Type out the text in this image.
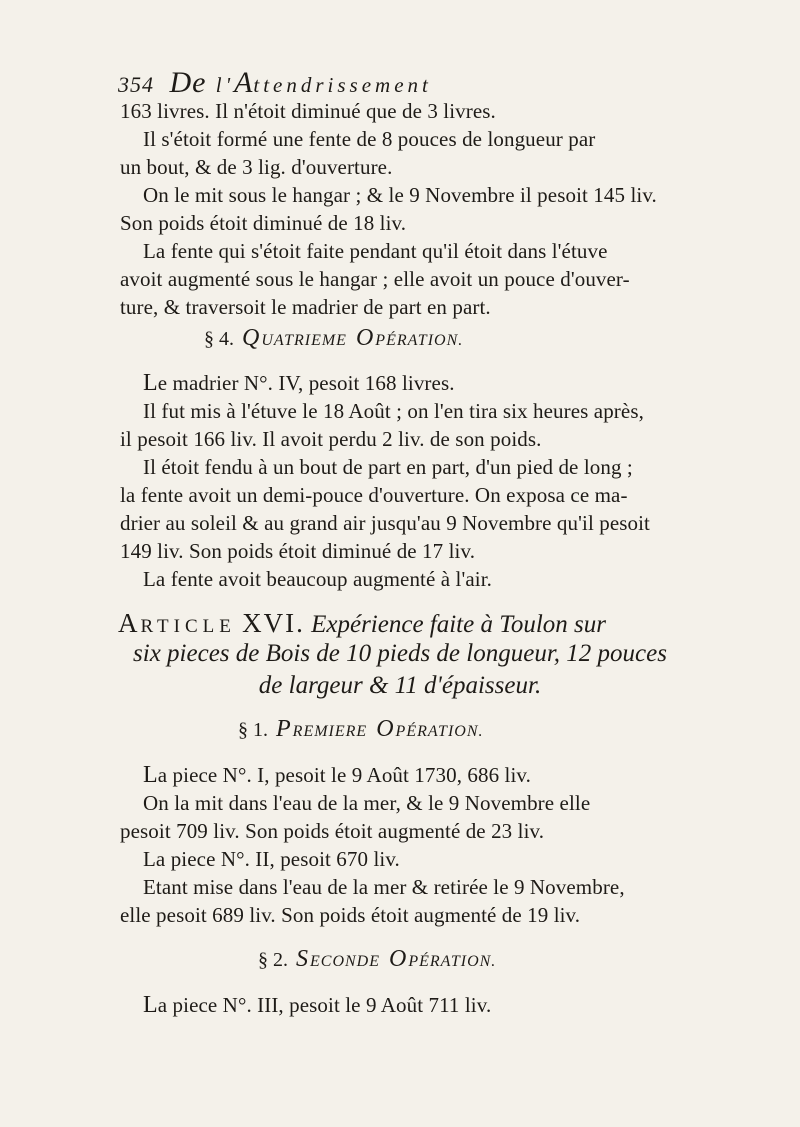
354 De l'Attendrissement
163 livres. Il n'étoit diminué que de 3 livres.
Il s'étoit formé une fente de 8 pouces de longueur par
un bout, & de 3 lig. d'ouverture.
On le mit sous le hangar ; & le 9 Novembre il pesoit 145 liv.
Son poids étoit diminué de 18 liv.
La fente qui s'étoit faite pendant qu'il étoit dans l'étuve
avoit augmenté sous le hangar ; elle avoit un pouce d'ouver-
ture, & traversoit le madrier de part en part.
§ 4. QUATRIEME OPÉRATION.
Le madrier N°. IV, pesoit 168 livres.
Il fut mis à l'étuve le 18 Août ; on l'en tira six heures après,
il pesoit 166 liv. Il avoit perdu 2 liv. de son poids.
Il étoit fendu à un bout de part en part, d'un pied de long ;
la fente avoit un demi-pouce d'ouverture. On exposa ce ma-
drier au soleil & au grand air jusqu'au 9 Novembre qu'il pesoit
149 liv. Son poids étoit diminué de 17 liv.
La fente avoit beaucoup augmenté à l'air.
ARTICLE XVI. Expérience faite à Toulon sur
six pieces de Bois de 10 pieds de longueur, 12 pouces
de largeur & 11 d'épaisseur.
§ 1. PREMIERE OPÉRATION.
La piece N°. I, pesoit le 9 Août 1730, 686 liv.
On la mit dans l'eau de la mer, & le 9 Novembre elle
pesoit 709 liv. Son poids étoit augmenté de 23 liv.
La piece N°. II, pesoit 670 liv.
Etant mise dans l'eau de la mer & retirée le 9 Novembre,
elle pesoit 689 liv. Son poids étoit augmenté de 19 liv.
§ 2. SECONDE OPÉRATION.
La piece N°. III, pesoit le 9 Août 711 liv.
